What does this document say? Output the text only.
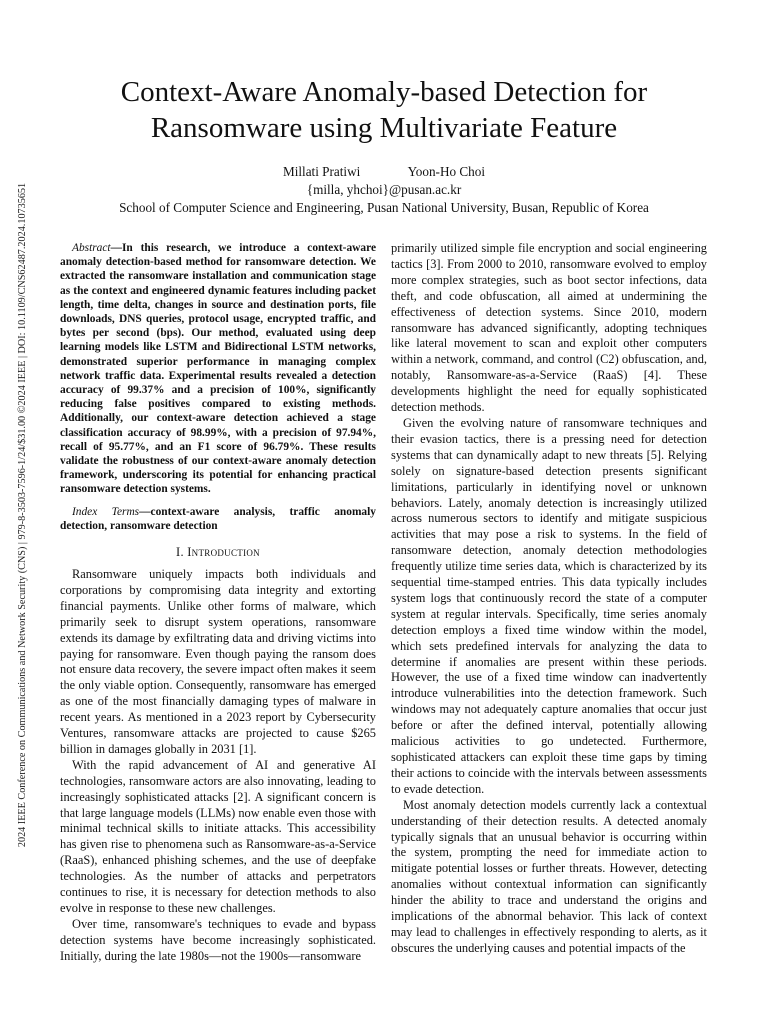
2024 IEEE Conference on Communications and Network Security (CNS) | 979-8-3503-7596-1/24/$31.00 ©2024 IEEE | DOI: 10.1109/CNS62487.2024.10735651
Context-Aware Anomaly-based Detection for
Ransomware using Multivariate Feature
Millati Pratiwi	Yoon-Ho Choi
{milla, yhchoi}@pusan.ac.kr
School of Computer Science and Engineering, Pusan National University, Busan, Republic of Korea

Abstract—In this research, we introduce a context-aware anomaly detection-based method for ransomware detection. We extracted the ransomware installation and communication stage as the context and engineered dynamic features including packet length, time delta, changes in source and destination ports, file downloads, DNS queries, protocol usage, encrypted traffic, and bytes per second (bps). Our method, evaluated using deep learning models like LSTM and Bidirectional LSTM networks, demonstrated superior performance in managing complex network traffic data. Experimental results revealed a detection accuracy of 99.37% and a precision of 100%, significantly reducing false positives compared to existing methods. Additionally, our context-aware detection achieved a stage classification accuracy of 98.99%, with a precision of 97.94%, recall of 95.77%, and an F1 score of 96.79%. These results validate the robustness of our context-aware anomaly detection framework, underscoring its potential for enhancing practical ransomware detection systems.

Index Terms—context-aware analysis, traffic anomaly detection, ransomware detection

I. Introduction

Ransomware uniquely impacts both individuals and corporations by compromising data integrity and extorting financial payments. Unlike other forms of malware, which primarily seek to disrupt system operations, ransomware extends its damage by exfiltrating data and driving victims into paying for ransomware. Even though paying the ransom does not ensure data recovery, the severe impact often makes it seem the only viable option. Consequently, ransomware has emerged as one of the most financially damaging types of malware in recent years. As mentioned in a 2023 report by Cybersecurity Ventures, ransomware attacks are projected to cause $265 billion in damages globally in 2031 [1].

With the rapid advancement of AI and generative AI technologies, ransomware actors are also innovating, leading to increasingly sophisticated attacks [2]. A significant concern is that large language models (LLMs) now enable even those with minimal technical skills to initiate attacks. This accessibility has given rise to phenomena such as Ransomware-as-a-Service (RaaS), enhanced phishing schemes, and the use of deepfake technologies. As the number of attacks and perpetrators continues to rise, it is necessary for detection methods to also evolve in response to these new challenges.

Over time, ransomware's techniques to evade and bypass detection systems have become increasingly sophisticated. Initially, during the late 1980s—not the 1900s—ransomware

primarily utilized simple file encryption and social engineering tactics [3]. From 2000 to 2010, ransomware evolved to employ more complex strategies, such as boot sector infections, data theft, and code obfuscation, all aimed at undermining the effectiveness of detection systems. Since 2010, modern ransomware has advanced significantly, adopting techniques like lateral movement to scan and exploit other computers within a network, command, and control (C2) obfuscation, and, notably, Ransomware-as-a-Service (RaaS) [4]. These developments highlight the need for equally sophisticated detection methods.

Given the evolving nature of ransomware techniques and their evasion tactics, there is a pressing need for detection systems that can dynamically adapt to new threats [5]. Relying solely on signature-based detection presents significant limitations, particularly in identifying novel or unknown behaviors. Lately, anomaly detection is increasingly utilized across numerous sectors to identify and mitigate suspicious activities that may pose a risk to systems. In the field of ransomware detection, anomaly detection methodologies frequently utilize time series data, which is characterized by its sequential time-stamped entries. This data typically includes system logs that continuously record the state of a computer system at regular intervals. Specifically, time series anomaly detection employs a fixed time window within the model, which sets predefined intervals for analyzing the data to determine if anomalies are present within these periods. However, the use of a fixed time window can inadvertently introduce vulnerabilities into the detection framework. Such windows may not adequately capture anomalies that occur just before or after the defined interval, potentially allowing malicious activities to go undetected. Furthermore, sophisticated attackers can exploit these time gaps by timing their actions to coincide with the intervals between assessments to evade detection.

Most anomaly detection models currently lack a contextual understanding of their detection results. A detected anomaly typically signals that an unusual behavior is occurring within the system, prompting the need for immediate action to mitigate potential losses or further threats. However, detecting anomalies without contextual information can significantly hinder the ability to trace and understand the origins and implications of the abnormal behavior. This lack of context may lead to challenges in effectively responding to alerts, as it obscures the underlying causes and potential impacts of the
